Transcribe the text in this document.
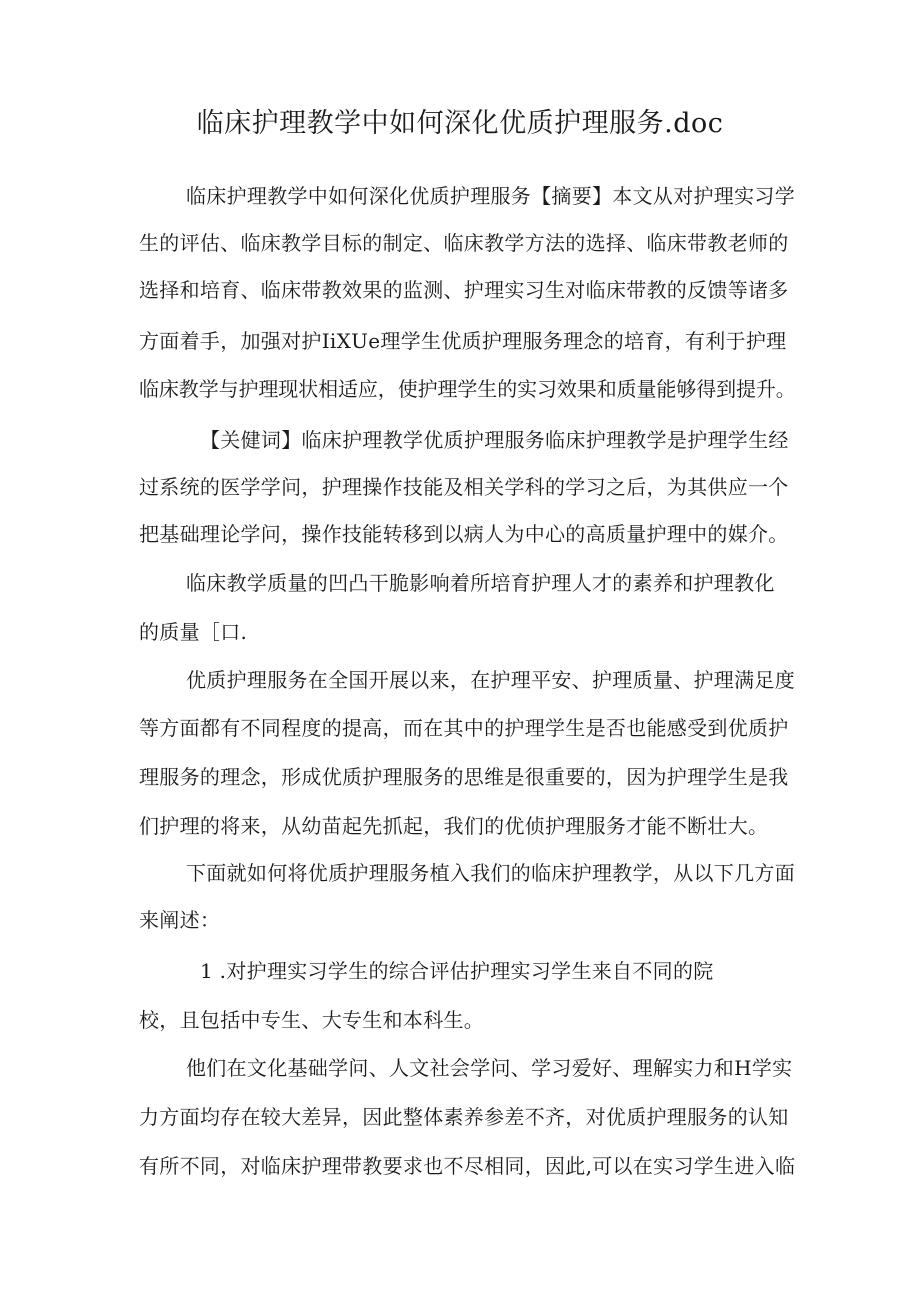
临床护理教学中如何深化优质护理服务.doc
临床护理教学中如何深化优质护理服务【摘要】本文从对护理实习学
生的评估、临床教学目标的制定、临床教学方法的选择、临床带教老师的
选择和培育、临床带教效果的监测、护理实习生对临床带教的反馈等诸多
方面着手，加强对护IiXUe理学生优质护理服务理念的培育，有利于护理
临床教学与护理现状相适应，使护理学生的实习效果和质量能够得到提升。
【关健词】临床护理教学优质护理服务临床护理教学是护理学生经
过系统的医学学问，护理操作技能及相关学科的学习之后，为其供应一个
把基础理论学问，操作技能转移到以病人为中心的高质量护理中的媒介。
临床教学质量的凹凸干脆影响着所培育护理人才的素养和护理教化
的质量［口.
优质护理服务在全国开展以来，在护理平安、护理质量、护理满足度
等方面都有不同程度的提高，而在其中的护理学生是否也能感受到优质护
理服务的理念，形成优质护理服务的思维是很重要的，因为护理学生是我
们护理的将来，从幼苗起先抓起，我们的优侦护理服务才能不断壮大。
下面就如何将优质护理服务植入我们的临床护理教学，从以下几方面
来阐述：
1 .对护理实习学生的综合评估护理实习学生来自不同的院
校，且包括中专生、大专生和本科生。
他们在文化基础学问、人文社会学问、学习爱好、理解实力和H学实
力方面均存在较大差异，因此整体素养参差不齐，对优质护理服务的认知
有所不同，对临床护理带教要求也不尽相同，因此,可以在实习学生进入临
